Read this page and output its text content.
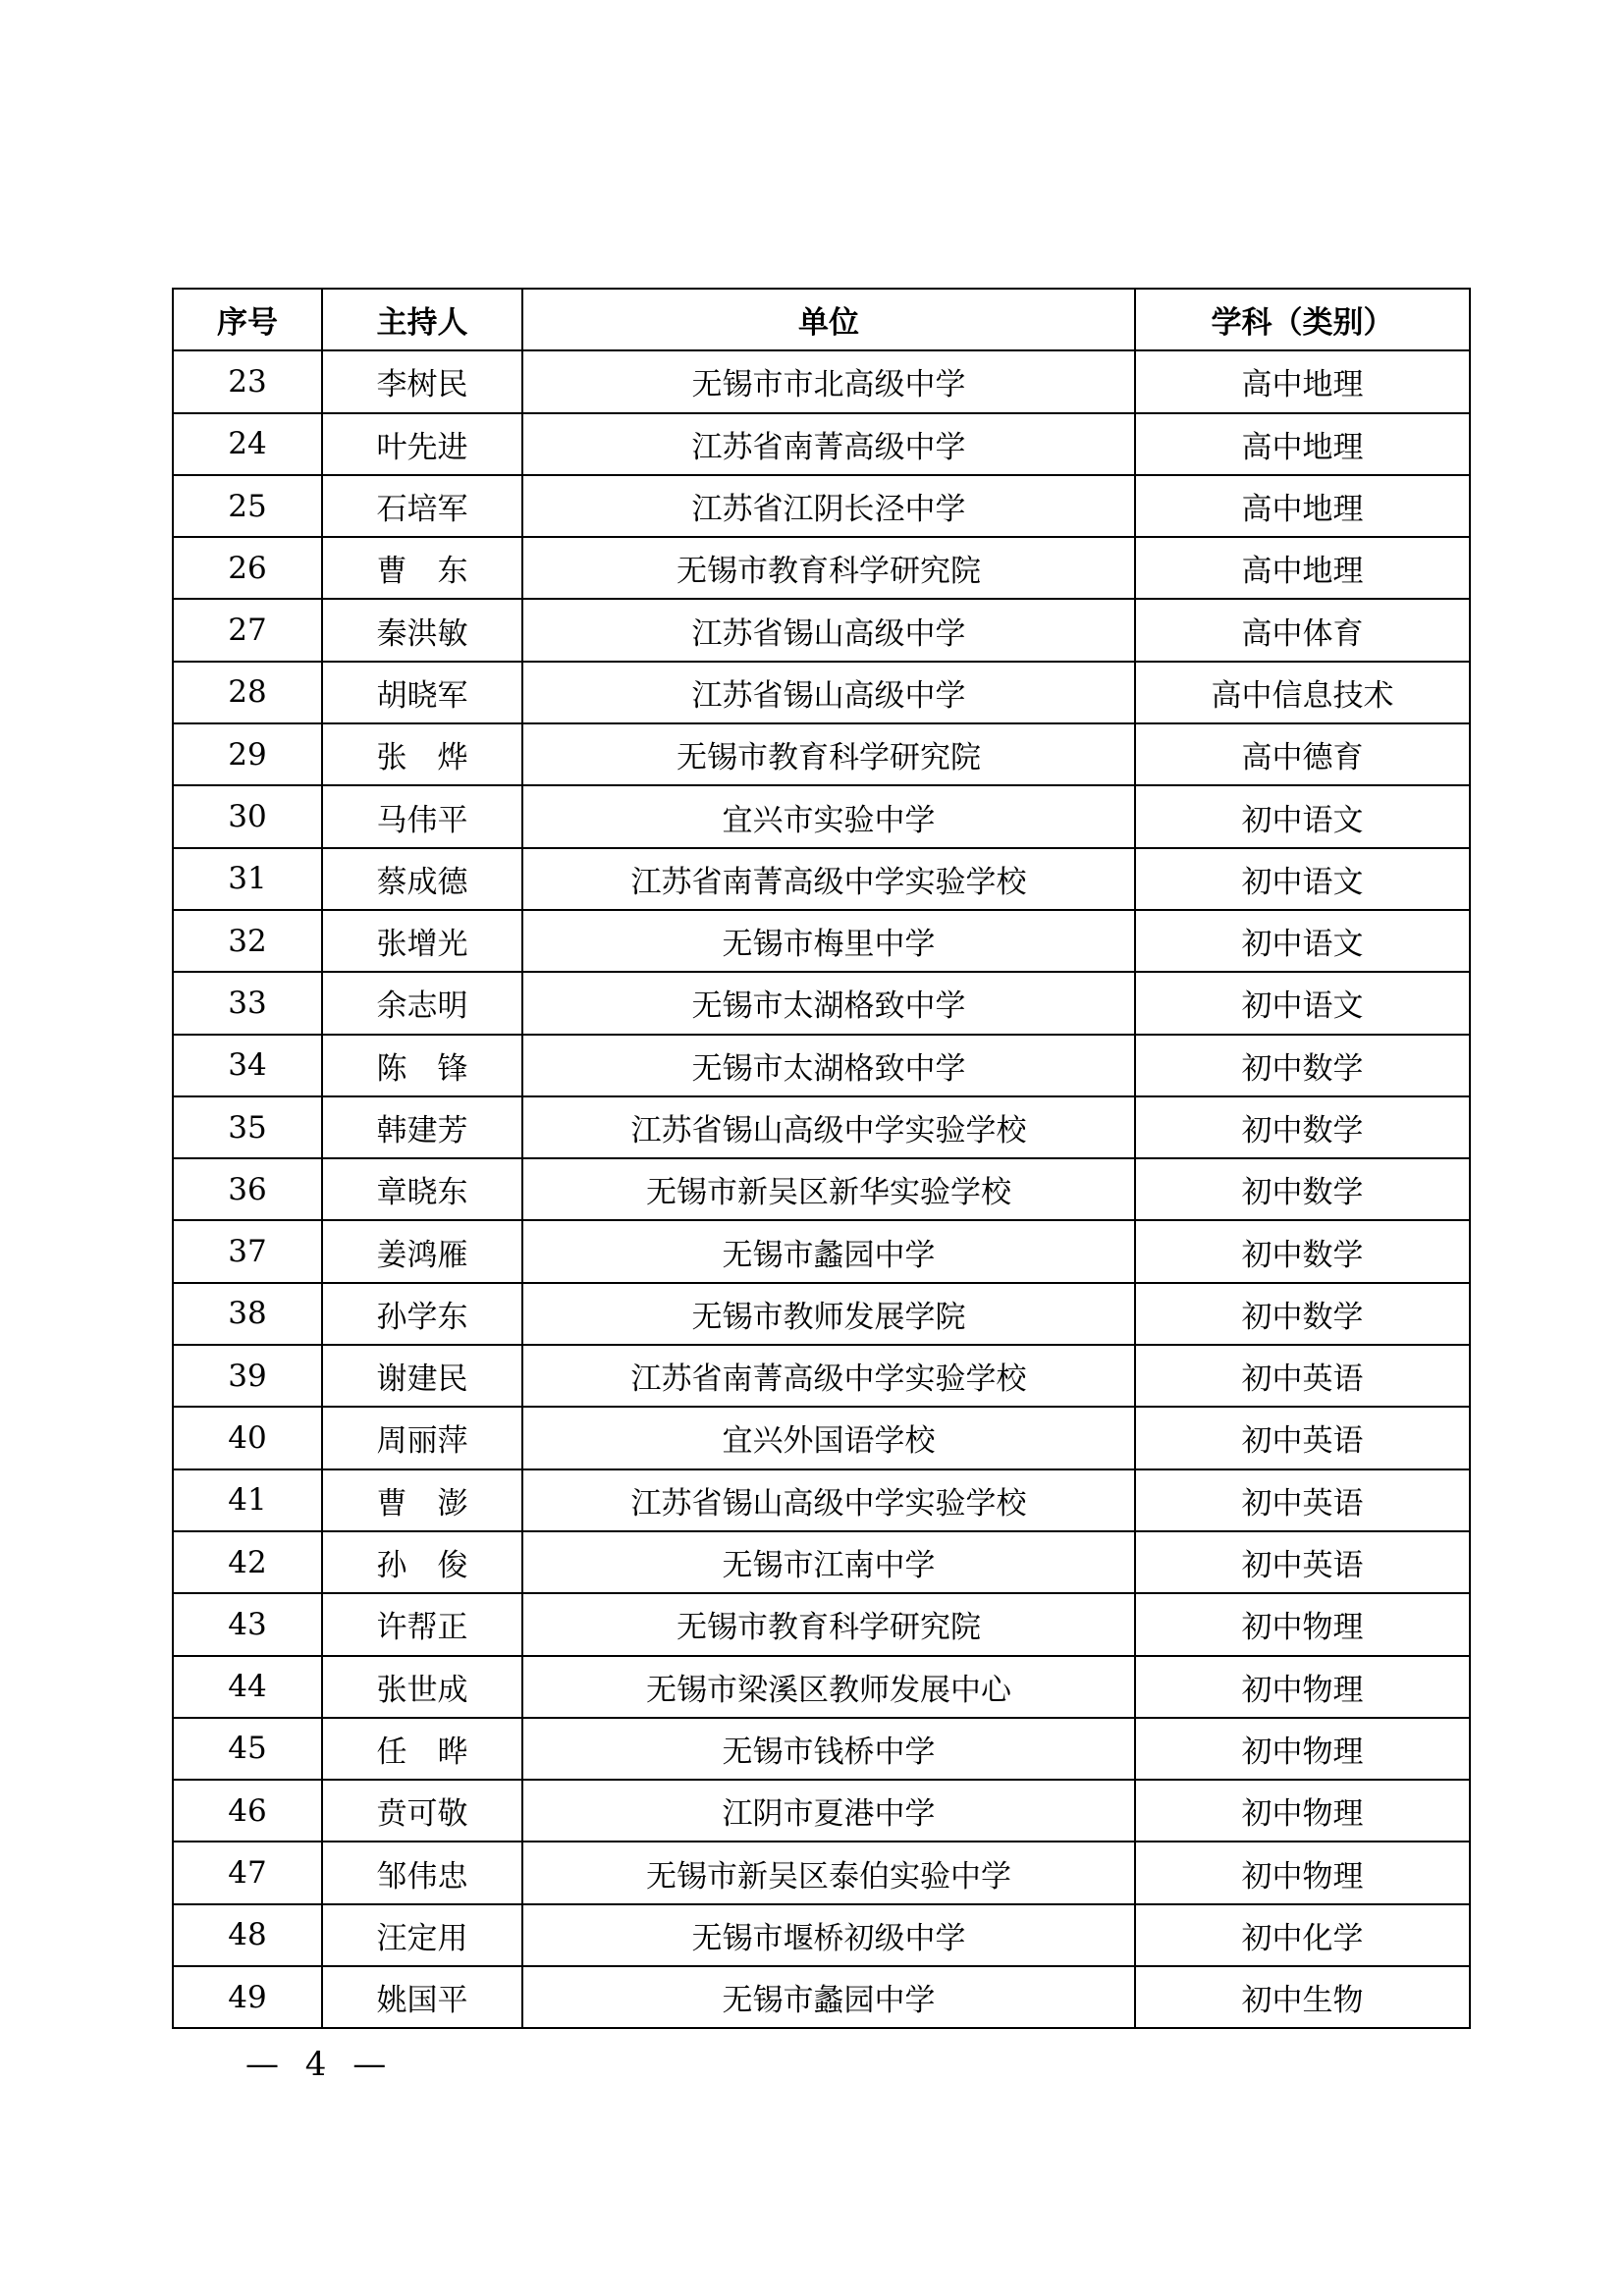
序号	主持人	单位	学科（类别）
23	李树民	无锡市市北高级中学	高中地理
24	叶先进	江苏省南菁高级中学	高中地理
25	石培军	江苏省江阴长泾中学	高中地理
26	曹　东	无锡市教育科学研究院	高中地理
27	秦洪敏	江苏省锡山高级中学	高中体育
28	胡晓军	江苏省锡山高级中学	高中信息技术
29	张　烨	无锡市教育科学研究院	高中德育
30	马伟平	宜兴市实验中学	初中语文
31	蔡成德	江苏省南菁高级中学实验学校	初中语文
32	张增光	无锡市梅里中学	初中语文
33	余志明	无锡市太湖格致中学	初中语文
34	陈　锋	无锡市太湖格致中学	初中数学
35	韩建芳	江苏省锡山高级中学实验学校	初中数学
36	章晓东	无锡市新吴区新华实验学校	初中数学
37	姜鸿雁	无锡市蠡园中学	初中数学
38	孙学东	无锡市教师发展学院	初中数学
39	谢建民	江苏省南菁高级中学实验学校	初中英语
40	周丽萍	宜兴外国语学校	初中英语
41	曹　澎	江苏省锡山高级中学实验学校	初中英语
42	孙　俊	无锡市江南中学	初中英语
43	许帮正	无锡市教育科学研究院	初中物理
44	张世成	无锡市梁溪区教师发展中心	初中物理
45	任　晔	无锡市钱桥中学	初中物理
46	贲可敬	江阴市夏港中学	初中物理
47	邹伟忠	无锡市新吴区泰伯实验中学	初中物理
48	汪定用	无锡市堰桥初级中学	初中化学
49	姚国平	无锡市蠡园中学	初中生物
— 4 —
